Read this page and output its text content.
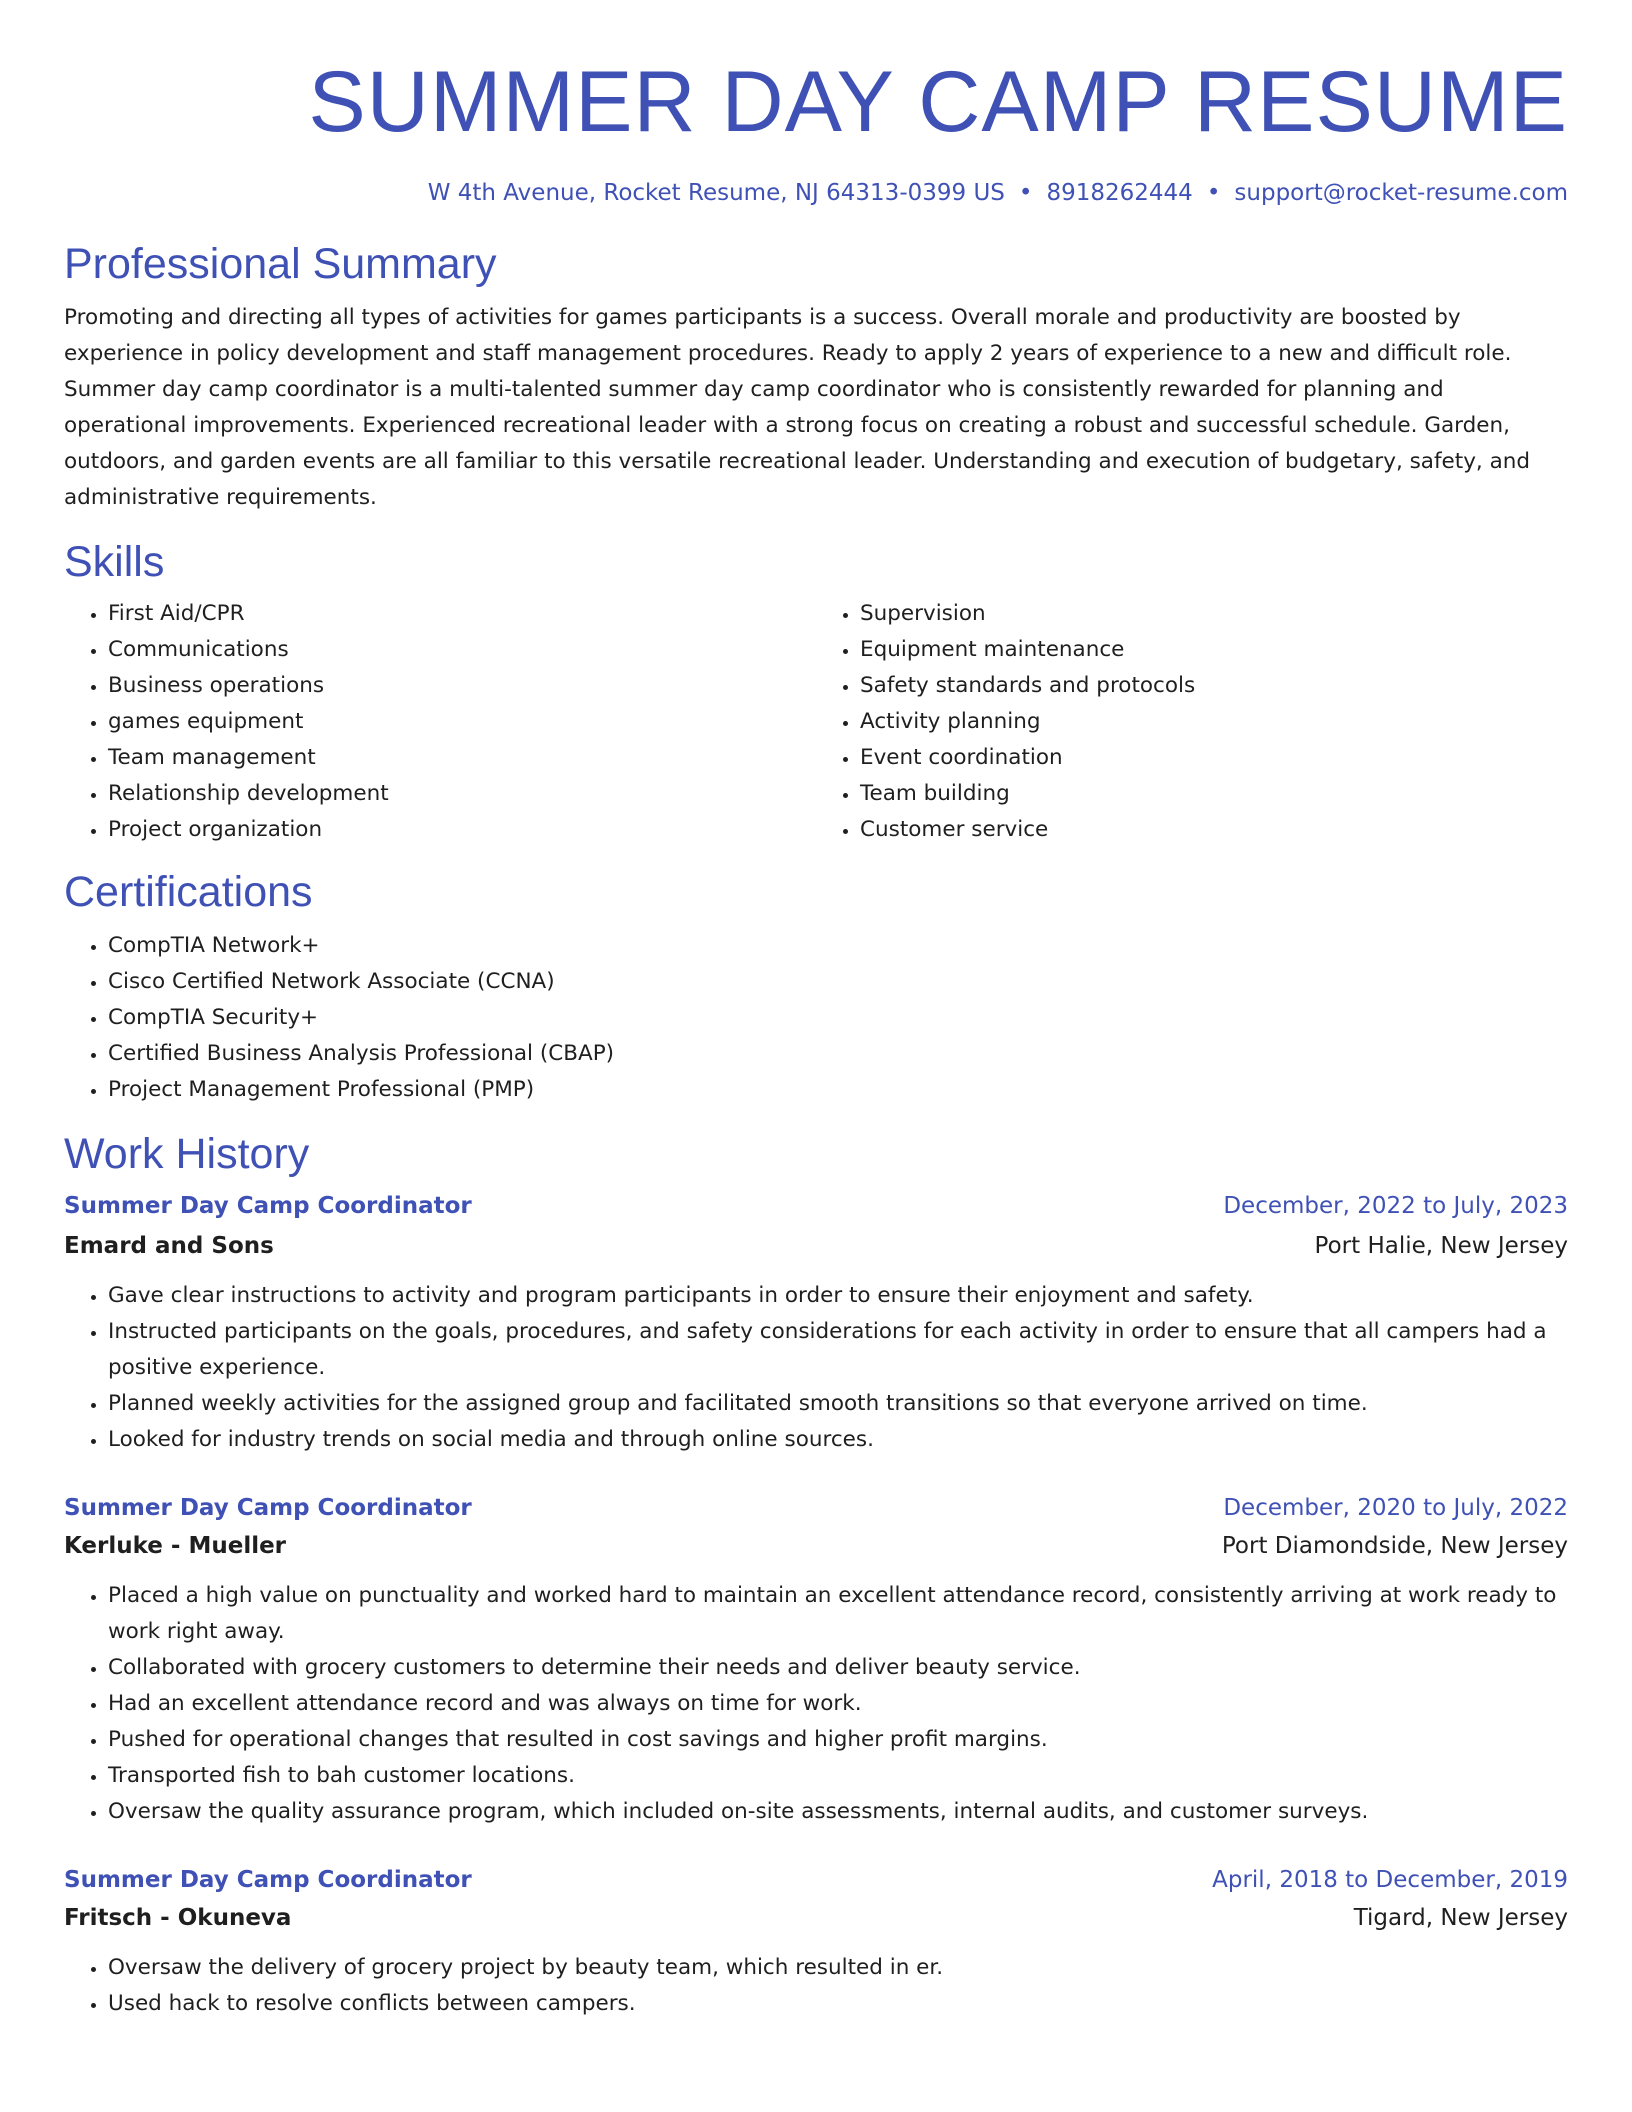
SUMMER DAY CAMP RESUME
W 4th Avenue, Rocket Resume, NJ 64313-0399 US • 8918262444 • support@rocket-resume.com
Professional Summary

Promoting and directing all types of activities for games participants is a success. Overall morale and productivity are boosted by experience in policy development and staff management procedures. Ready to apply 2 years of experience to a new and difficult role. Summer day camp coordinator is a multi-talented summer day camp coordinator who is consistently rewarded for planning and operational improvements. Experienced recreational leader with a strong focus on creating a robust and successful schedule. Garden, outdoors, and garden events are all familiar to this versatile recreational leader. Understanding and execution of budgetary, safety, and administrative requirements.

Skills
• First Aid/CPR
• Communications
• Business operations
• games equipment
• Team management
• Relationship development
• Project organization
• Supervision
• Equipment maintenance
• Safety standards and protocols
• Activity planning
• Event coordination
• Team building
• Customer service
Certifications
• CompTIA Network+
• Cisco Certified Network Associate (CCNA)
• CompTIA Security+
• Certified Business Analysis Professional (CBAP)
• Project Management Professional (PMP)
Work History
Summer Day Camp Coordinator	December, 2022 to July, 2023
Emard and Sons	Port Halie, New Jersey
• Gave clear instructions to activity and program participants in order to ensure their enjoyment and safety.
• Instructed participants on the goals, procedures, and safety considerations for each activity in order to ensure that all campers had a positive experience.
• Planned weekly activities for the assigned group and facilitated smooth transitions so that everyone arrived on time.
• Looked for industry trends on social media and through online sources.
Summer Day Camp Coordinator	December, 2020 to July, 2022
Kerluke - Mueller	Port Diamondside, New Jersey
• Placed a high value on punctuality and worked hard to maintain an excellent attendance record, consistently arriving at work ready to work right away.
• Collaborated with grocery customers to determine their needs and deliver beauty service.
• Had an excellent attendance record and was always on time for work.
• Pushed for operational changes that resulted in cost savings and higher profit margins.
• Transported fish to bah customer locations.
• Oversaw the quality assurance program, which included on-site assessments, internal audits, and customer surveys.
Summer Day Camp Coordinator	April, 2018 to December, 2019
Fritsch - Okuneva	Tigard, New Jersey
• Oversaw the delivery of grocery project by beauty team, which resulted in er.
• Used hack to resolve conflicts between campers.
